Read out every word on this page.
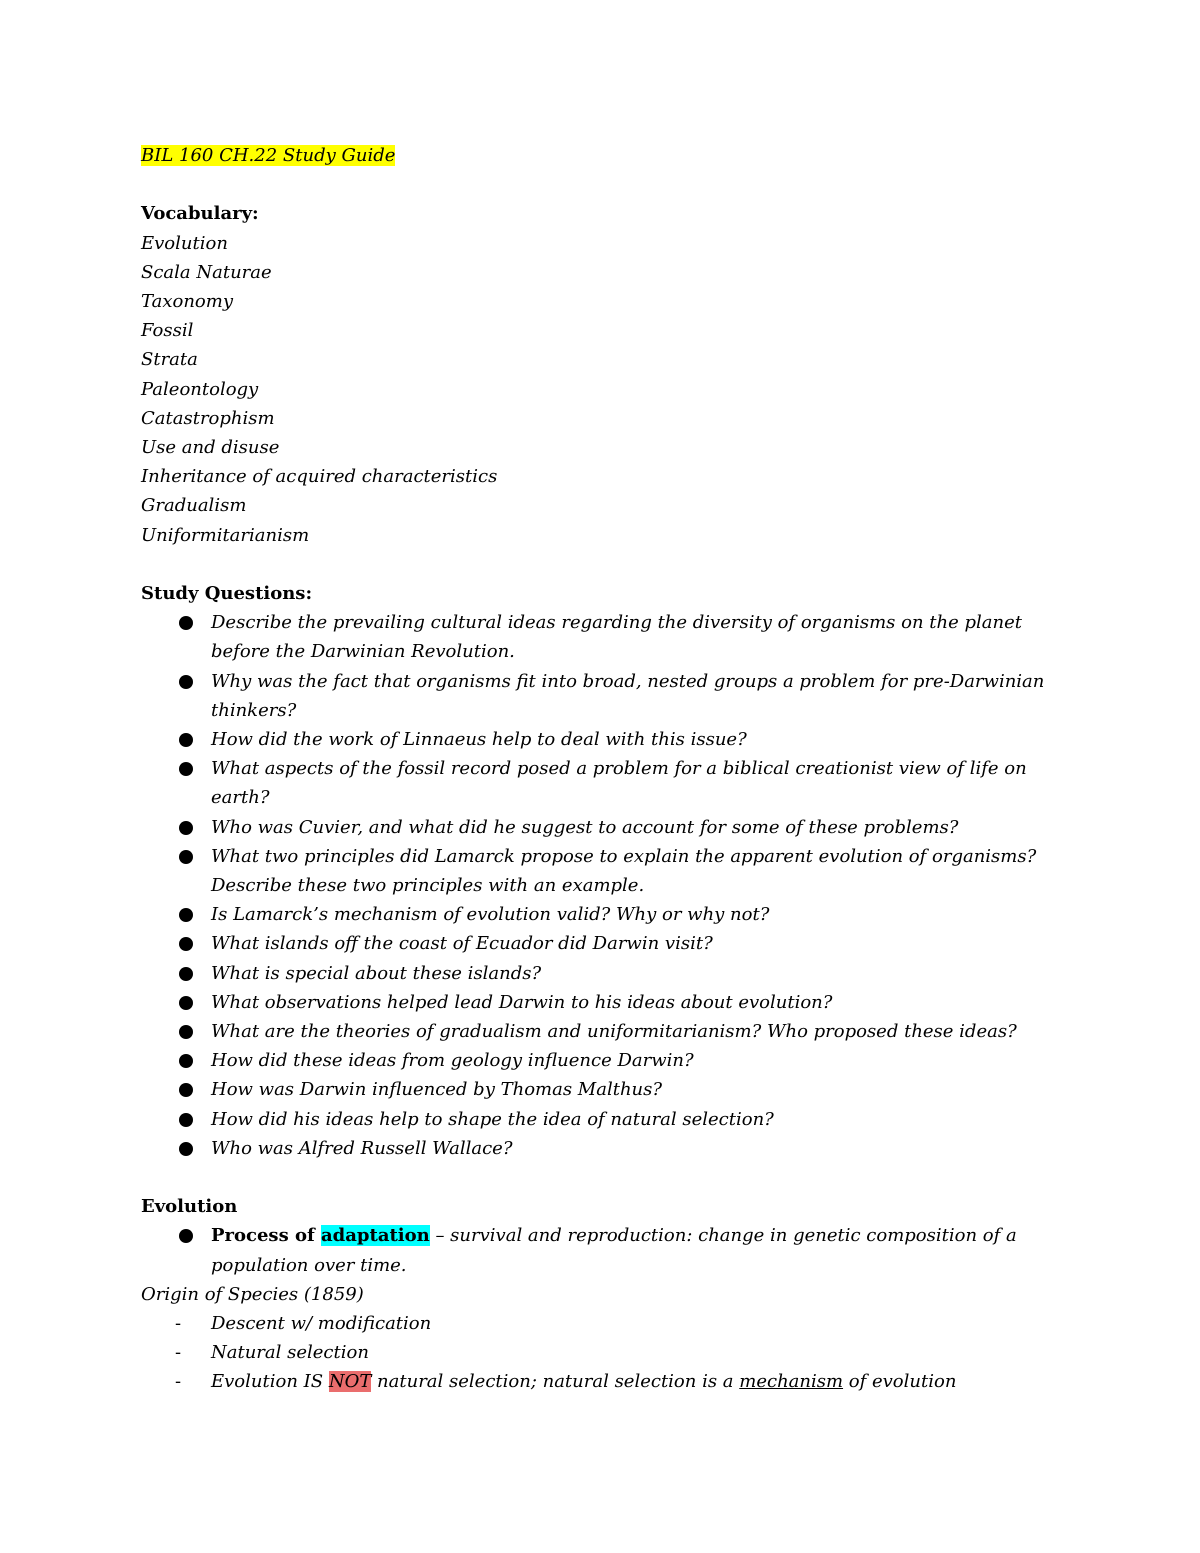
BIL 160 CH.22 Study Guide
Vocabulary:
Evolution
Scala Naturae
Taxonomy
Fossil
Strata
Paleontology
Catastrophism
Use and disuse
Inheritance of acquired characteristics
Gradualism
Uniformitarianism
Study Questions:
Describe the prevailing cultural ideas regarding the diversity of organisms on the planet before the Darwinian Revolution.
Why was the fact that organisms fit into broad, nested groups a problem for pre-Darwinian thinkers?
How did the work of Linnaeus help to deal with this issue?
What aspects of the fossil record posed a problem for a biblical creationist view of life on earth?
Who was Cuvier, and what did he suggest to account for some of these problems?
What two principles did Lamarck propose to explain the apparent evolution of organisms? Describe these two principles with an example.
Is Lamarck’s mechanism of evolution valid? Why or why not?
What islands off the coast of Ecuador did Darwin visit?
What is special about these islands?
What observations helped lead Darwin to his ideas about evolution?
What are the theories of gradualism and uniformitarianism? Who proposed these ideas?
How did these ideas from geology influence Darwin?
How was Darwin influenced by Thomas Malthus?
How did his ideas help to shape the idea of natural selection?
Who was Alfred Russell Wallace?
Evolution
Process of adaptation – survival and reproduction: change in genetic composition of a population over time.
Origin of Species (1859)
- Descent w/ modification
- Natural selection
- Evolution IS NOT natural selection; natural selection is a mechanism of evolution
